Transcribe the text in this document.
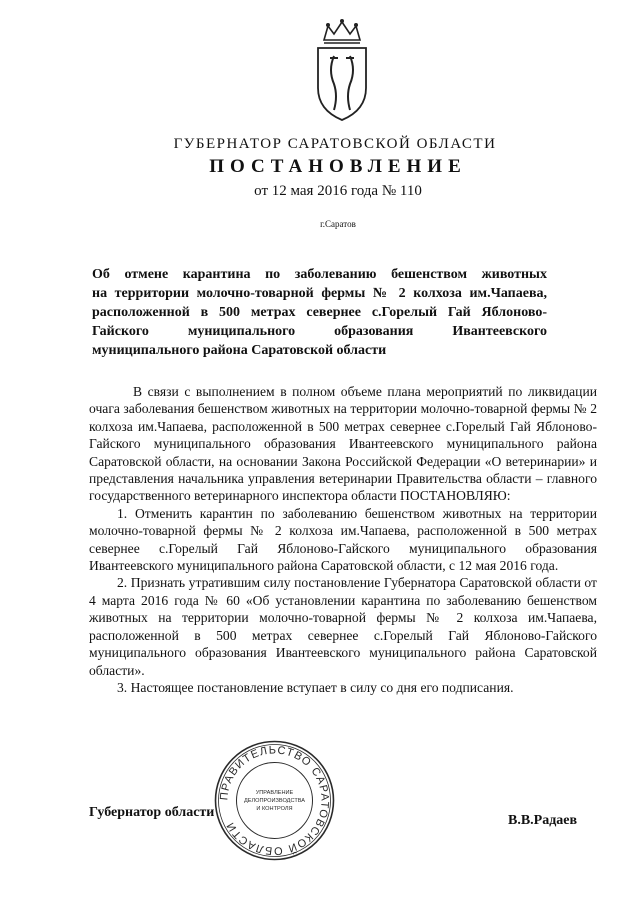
ГУБЕРНАТОР САРАТОВСКОЙ ОБЛАСТИ
ПОСТАНОВЛЕНИЕ
от 12 мая 2016 года № 110
г.Саратов
Об отмене карантина по заболеванию бешенством животных
на территории молочно-товарной фермы № 2 колхоза им.Чапаева,
расположенной в 500 метрах севернее с.Горелый Гай Яблоново-
Гайского муниципального образования Ивантеевского
муниципального района Саратовской области

В связи с выполнением в полном объеме плана мероприятий по ликвидации очага заболевания бешенством животных на территории молочно-товарной фермы № 2 колхоза им.Чапаева, расположенной в 500 метрах севернее с.Горелый Гай Яблоново-Гайского муниципального образования Ивантеевского муниципального района Саратовской области, на основании Закона Российской Федерации «О ветеринарии» и представления начальника управления ветеринарии Правительства области – главного государственного ветеринарного инспектора области ПОСТАНОВЛЯЮ:

1. Отменить карантин по заболеванию бешенством животных на территории молочно-товарной фермы № 2 колхоза им.Чапаева, расположенной в 500 метрах севернее с.Горелый Гай Яблоново-Гайского муниципального образования Ивантеевского муниципального района Саратовской области, с 12 мая 2016 года.

2. Признать утратившим силу постановление Губернатора Саратовской области от 4 марта 2016 года № 60 «Об установлении карантина по заболеванию бешенством животных на территории молочно-товарной фермы № 2 колхоза им.Чапаева, расположенной в 500 метрах севернее с.Горелый Гай Яблоново-Гайского муниципального образования Ивантеевского муниципального района Саратовской области».

3. Настоящее постановление вступает в силу со дня его подписания.

ПРАВИТЕЛЬСТВО САРАТОВСКОЙ ОБЛАСТИ
УПРАВЛЕНИЕ
ДЕЛОПРОИЗВОДСТВА
И КОНТРОЛЯ
Губернатор области
В.В.Радаев
